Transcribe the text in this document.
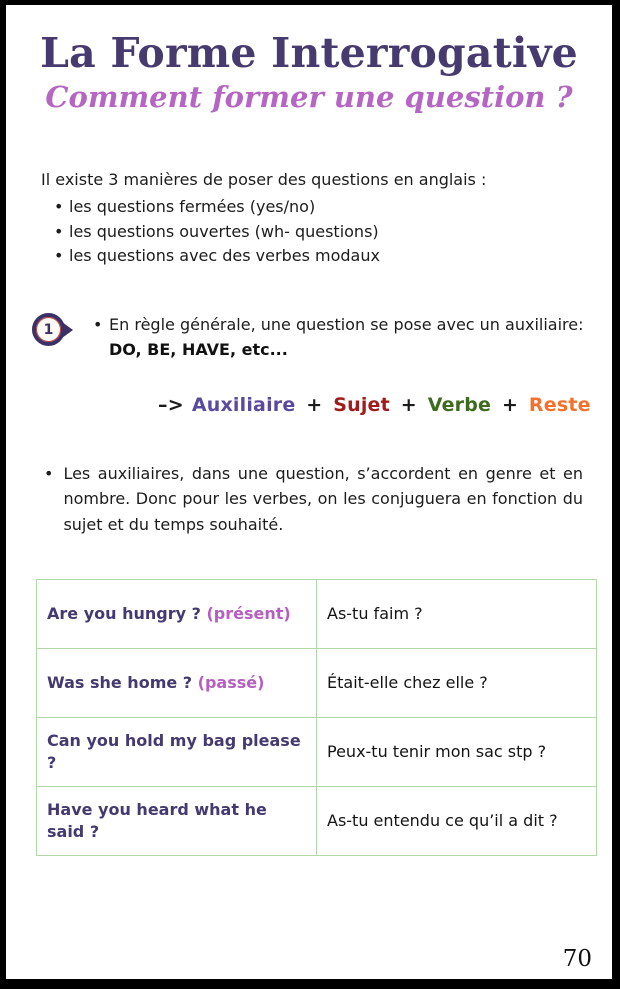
La Forme Interrogative
Comment former une question ?

Il existe 3 manières de poser des questions en anglais :

• les questions fermées (yes/no)
• les questions ouvertes (wh- questions)
• les questions avec des verbes modaux
1 • En règle générale, une question se pose avec un auxiliaire:
DO, BE, HAVE, etc...

–> Auxiliaire + Sujet + Verbe + Reste
• Les auxiliaires, dans une question, s’accordent en genre et en nombre. Donc pour les verbes, on les conjuguera en fonction du sujet et du temps souhaité.

Are you hungry ? (présent)	As-tu faim ?
Was she home ? (passé)	Était-elle chez elle ?
Can you hold my bag please ?	Peux-tu tenir mon sac stp ?
Have you heard what he said ?	As-tu entendu ce qu’il a dit ?
70
